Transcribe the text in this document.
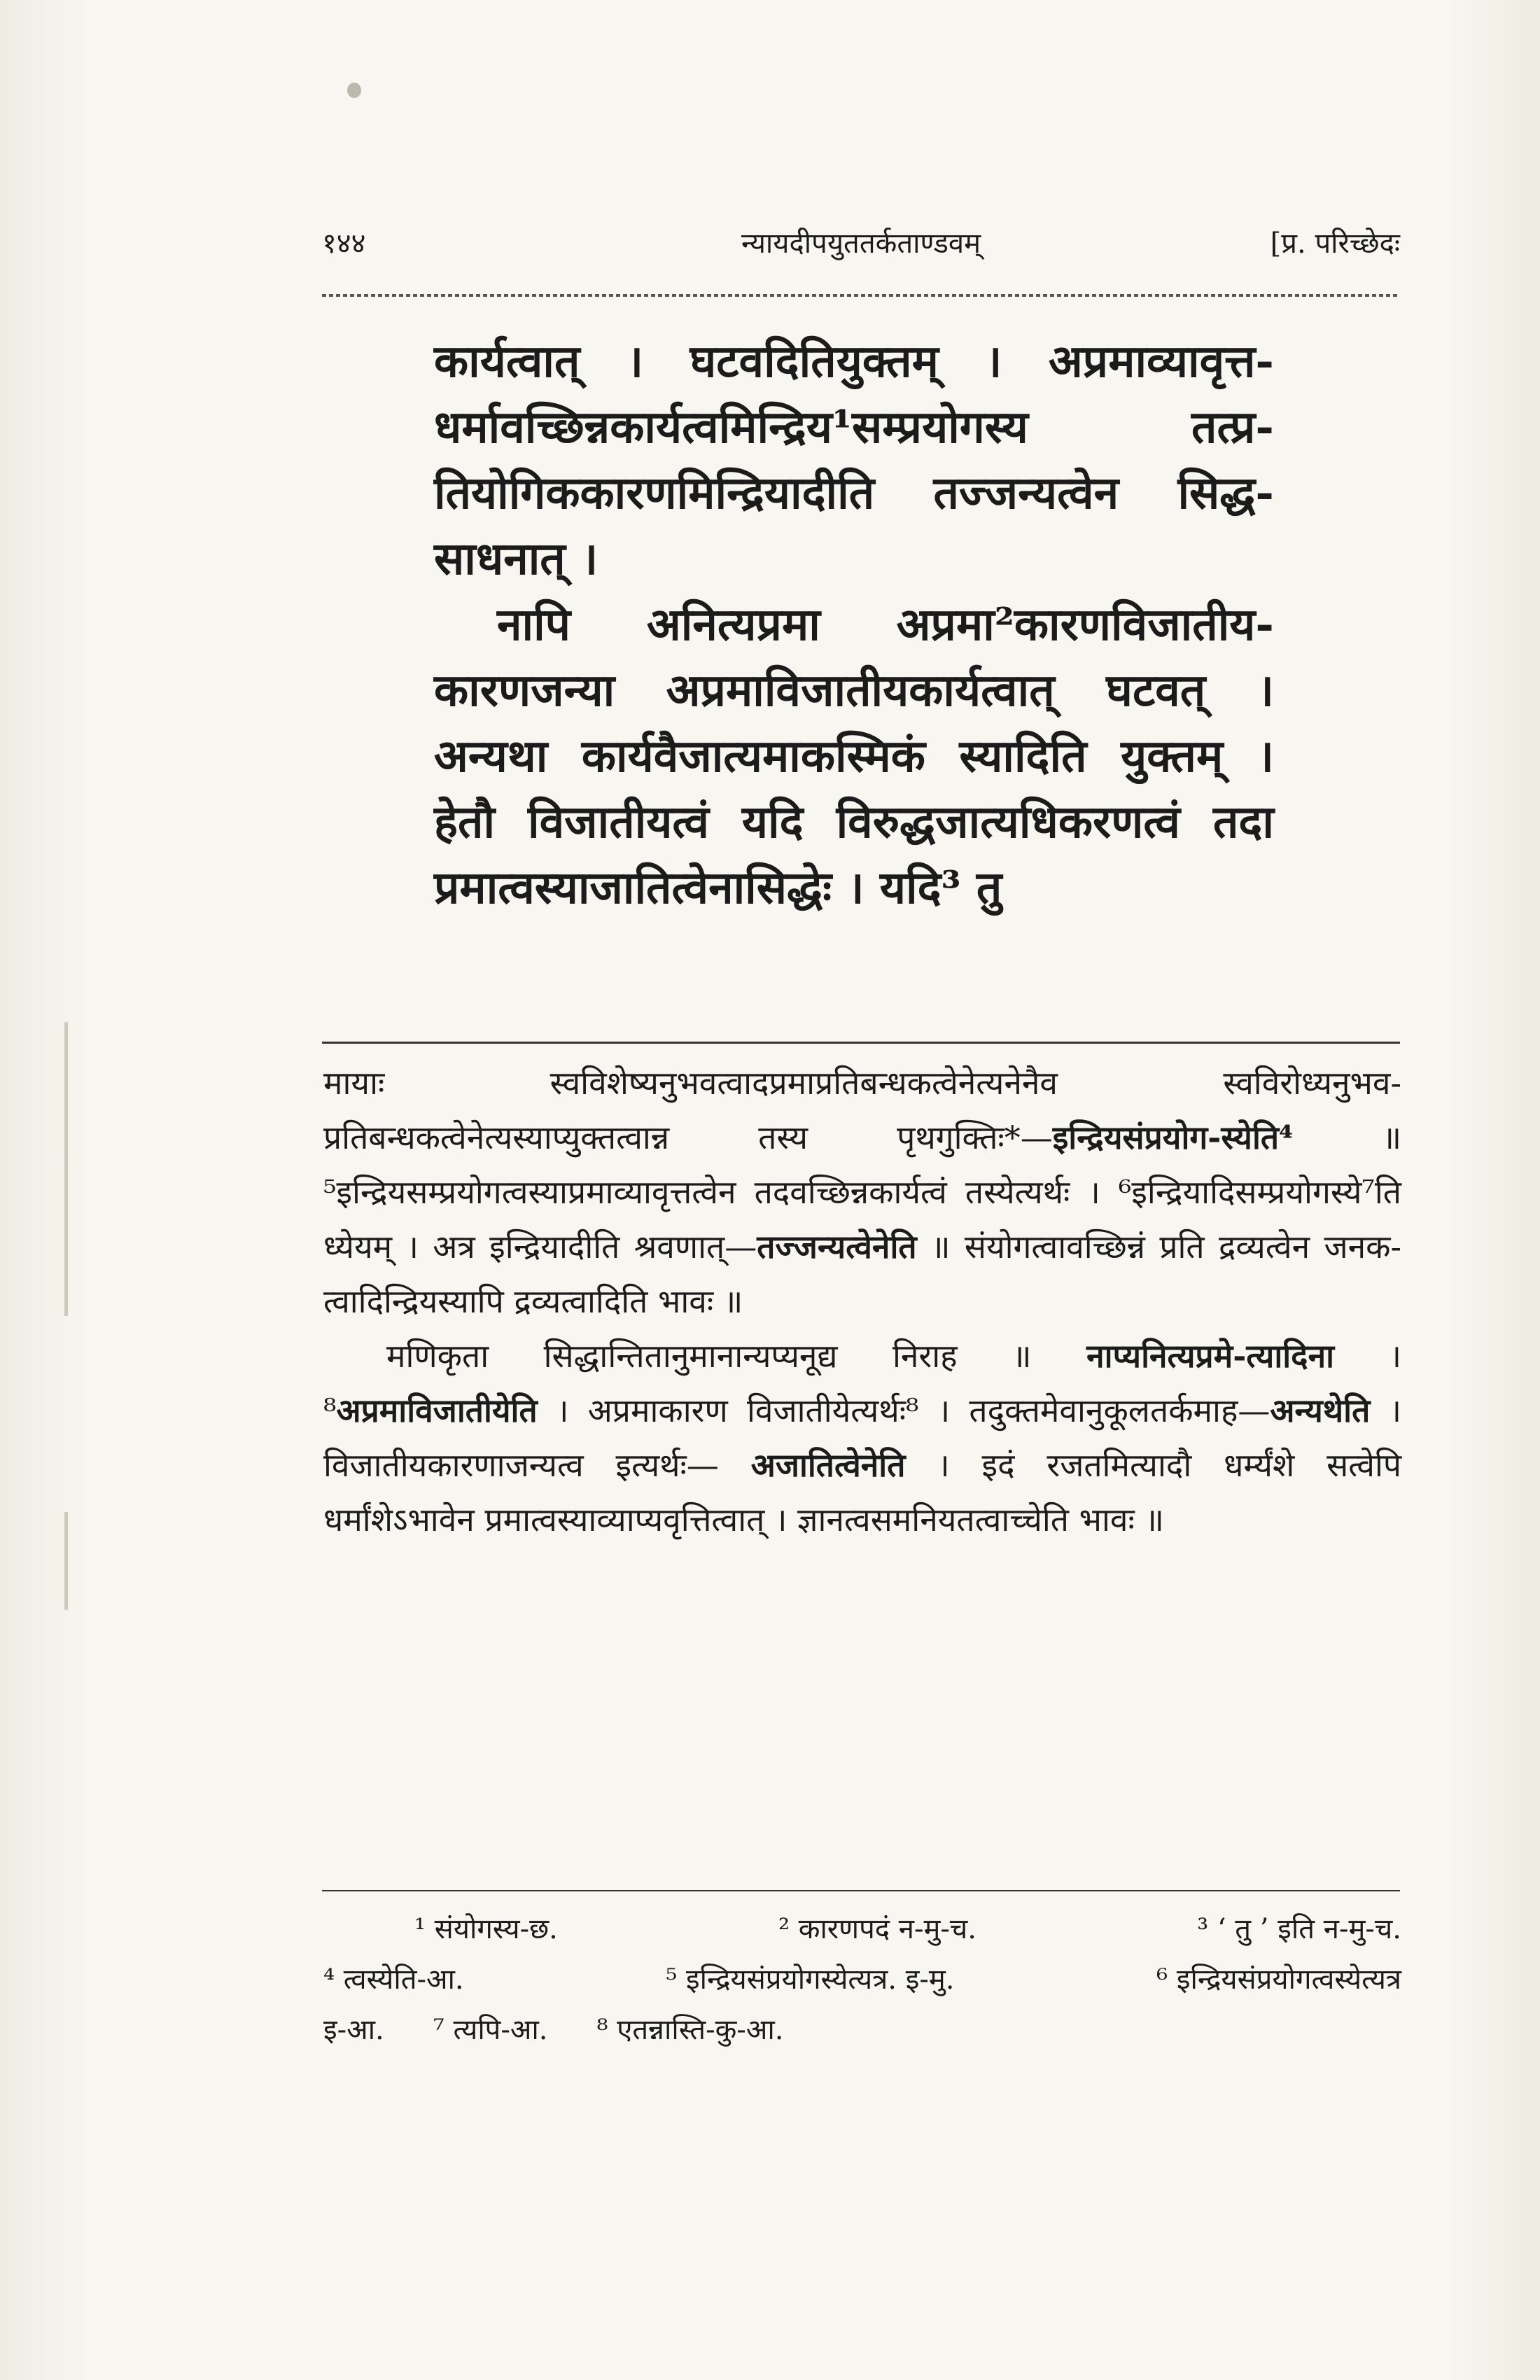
१४४	न्यायदीपयुततर्कताण्डवम्	[प्र. परिच्छेदः

कार्यत्वात् । घटवदितियुक्तम् । अप्रमाव्यावृत्त-धर्मावच्छिन्नकार्यत्वमिन्द्रिय¹सम्प्रयोगस्य तत्प्र-तियोगिककारणमिन्द्रियादीति तज्जन्यत्वेन सिद्ध-साधनात् ।

नापि अनित्यप्रमा अप्रमा²कारणविजातीय-कारणजन्या अप्रमाविजातीयकार्यत्वात् घटवत् । अन्यथा कार्यवैजात्यमाकस्मिकं स्यादिति युक्तम् । हेतौ विजातीयत्वं यदि विरुद्धजात्यधिकरणत्वं तदा प्रमात्वस्याजातित्वेनासिद्धेः । यदि³ तु

मायाः स्वविशेष्यनुभवत्वादप्रमाप्रतिबन्धकत्वेनेत्यनेनैव स्वविरोध्यनुभव-प्रतिबन्धकत्वेनेत्यस्याप्युक्तत्वान्न तस्य पृथगुक्तिः*—इन्द्रियसंप्रयोग-स्येति⁴	॥ ⁵इन्द्रियसम्प्रयोगत्वस्याप्रमाव्यावृत्तत्वेन तदवच्छिन्नकार्यत्वं तस्येत्यर्थः । ⁶इन्द्रियादिसम्प्रयोगस्ये⁷ति ध्येयम् । अत्र इन्द्रियादीति श्रवणात्—तज्जन्यत्वेनेति ॥ संयोगत्वावच्छिन्नं प्रति द्रव्यत्वेन जनक-त्वादिन्द्रियस्यापि द्रव्यत्वादिति भावः ॥

मणिकृता सिद्धान्तितानुमानान्यप्यनूद्य निराह ॥ नाप्यनित्यप्रमे-त्यादिना । ⁸अप्रमाविजातीयेति । अप्रमाकारण विजातीयेत्यर्थः⁸ । तदुक्तमेवानुकूलतर्कमाह—अन्यथेति । विजातीयकारणाजन्यत्व इत्यर्थः— अजातित्वेनेति । इदं रजतमित्यादौ धर्म्यंशे सत्वेपि धर्मांशेऽभावेन प्रमात्वस्याव्याप्यवृत्तित्वात् । ज्ञानत्वसमनियतत्वाच्चेति भावः ॥

¹ संयोगस्य-छ.	² कारणपदं न-मु-च.	³ ‘ तु ’ इति न-मु-च.
⁴ त्वस्येति-आ.	⁵ इन्द्रियसंप्रयोगस्येत्यत्र. इ-मु.	⁶ इन्द्रियसंप्रयोगत्वस्येत्यत्र
इ-आ. ⁷ त्यपि-आ. ⁸ एतन्नास्ति-कु-आ.
